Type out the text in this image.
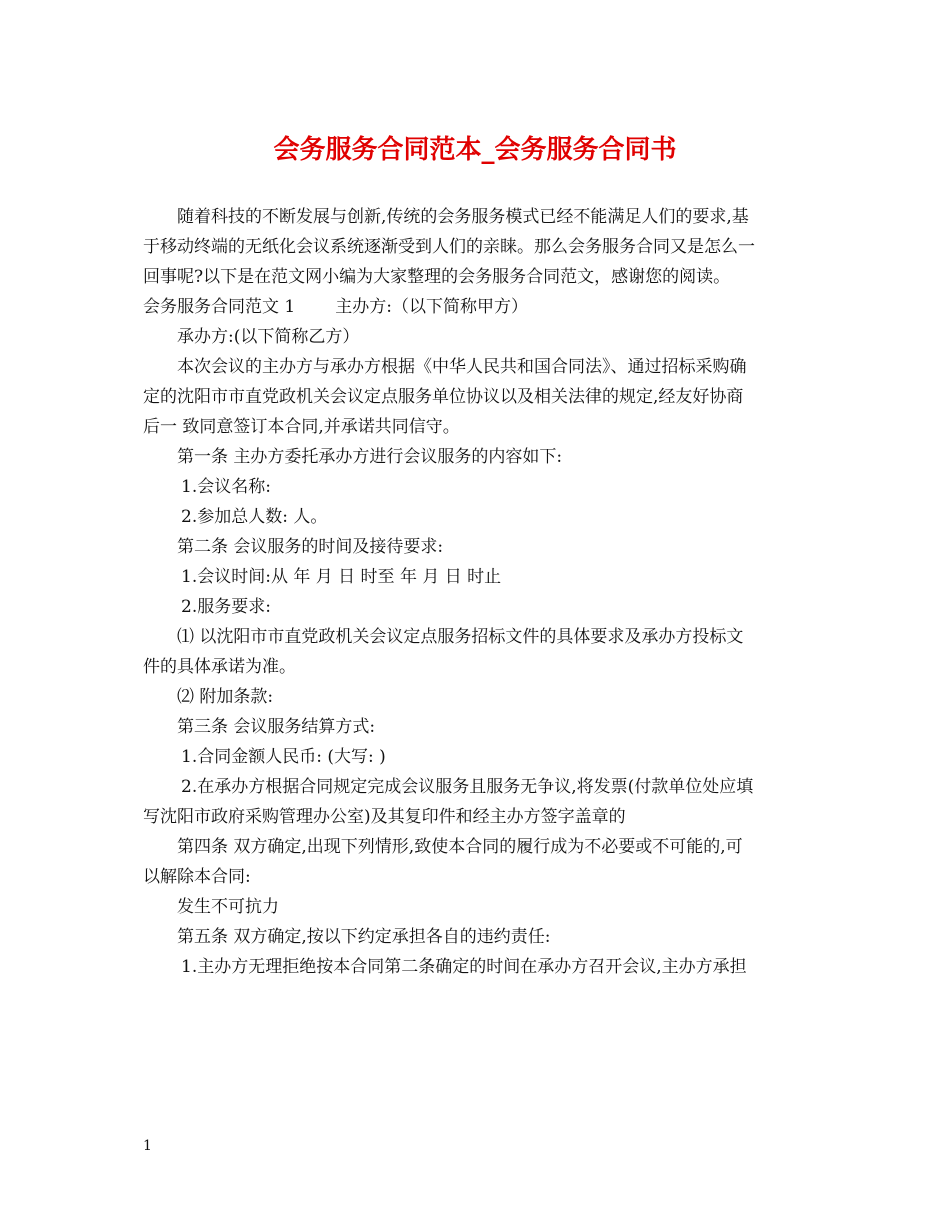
会务服务合同范本_会务服务合同书

随着科技的不断发展与创新,传统的会务服务模式已经不能满足人们的要求,基

于移动终端的无纸化会议系统逐渐受到人们的亲睐。那么会务服务合同又是怎么一

回事呢?以下是在范文网小编为大家整理的会务服务合同范文，感谢您的阅读。

会务服务合同范文 1 主办方:（以下简称甲方）

承办方:(以下简称乙方）

本次会议的主办方与承办方根据《中华人民共和国合同法》、通过招标采购确

定的沈阳市市直党政机关会议定点服务单位协议以及相关法律的规定,经友好协商

后一 致同意签订本合同,并承诺共同信守。

第一条 主办方委托承办方进行会议服务的内容如下:

1.会议名称:

2.参加总人数: 人。

第二条 会议服务的时间及接待要求:

1.会议时间:从 年 月 日 时至 年 月 日 时止

2.服务要求:

⑴ 以沈阳市市直党政机关会议定点服务招标文件的具体要求及承办方投标文

件的具体承诺为准。

⑵ 附加条款:

第三条 会议服务结算方式:

1.合同金额人民币: (大写: )

2.在承办方根据合同规定完成会议服务且服务无争议,将发票(付款单位处应填

写沈阳市政府采购管理办公室)及其复印件和经主办方签字盖章的

第四条 双方确定,出现下列情形,致使本合同的履行成为不必要或不可能的,可

以解除本合同:

发生不可抗力

第五条 双方确定,按以下约定承担各自的违约责任:

1.主办方无理拒绝按本合同第二条确定的时间在承办方召开会议,主办方承担

1
